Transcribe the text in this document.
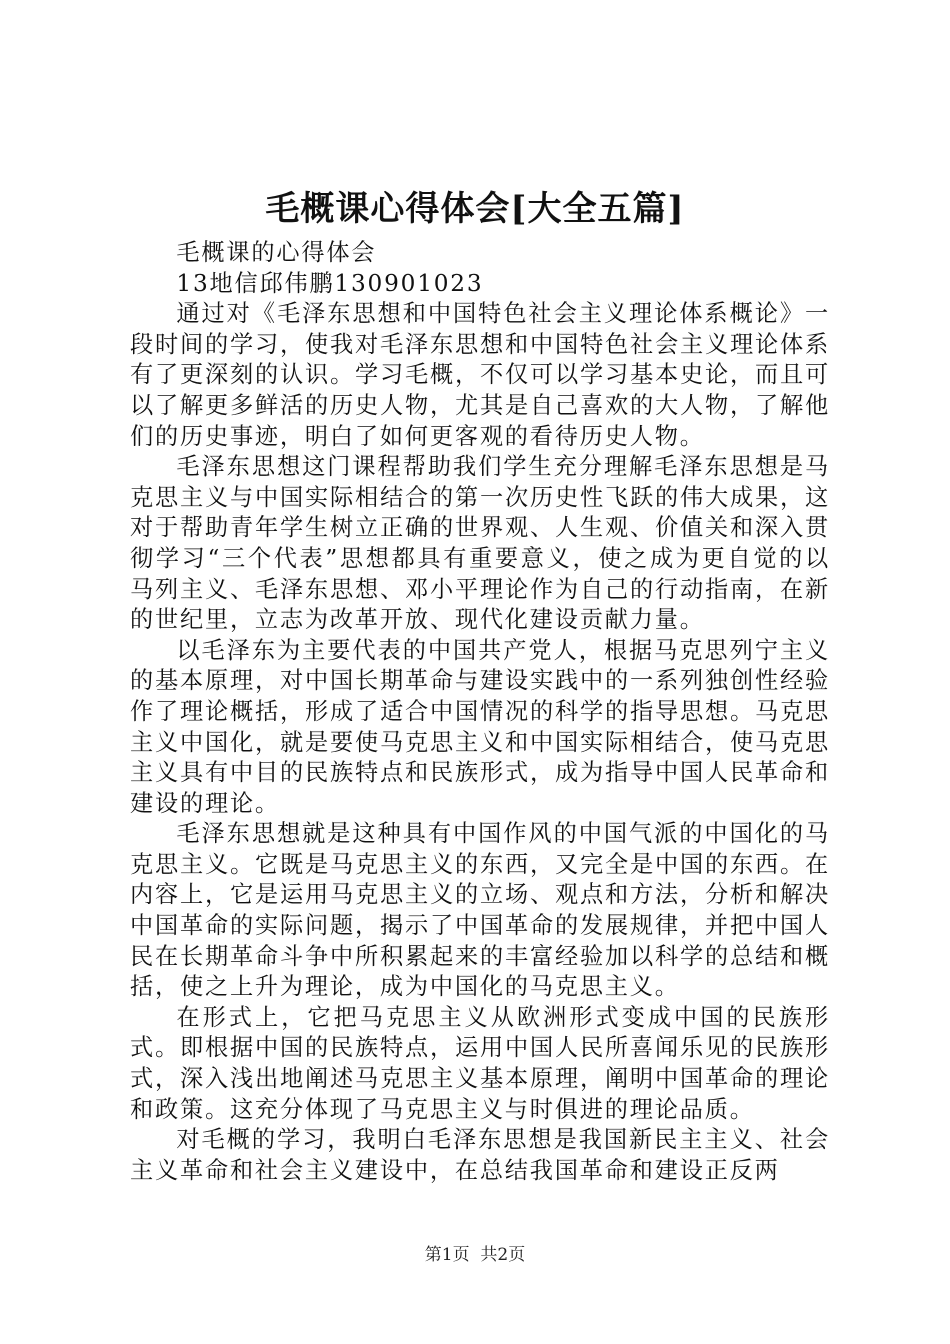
毛概课心得体会[大全五篇]

毛概课的心得体会

13地信邱伟鹏130901023

通过对《毛泽东思想和中国特色社会主义理论体系概论》一段时间的学习，使我对毛泽东思想和中国特色社会主义理论体系有了更深刻的认识。学习毛概，不仅可以学习基本史论，而且可以了解更多鲜活的历史人物，尤其是自己喜欢的大人物，了解他们的历史事迹，明白了如何更客观的看待历史人物。

毛泽东思想这门课程帮助我们学生充分理解毛泽东思想是马克思主义与中国实际相结合的第一次历史性飞跃的伟大成果，这对于帮助青年学生树立正确的世界观、人生观、价值关和深入贯彻学习“三个代表”思想都具有重要意义，使之成为更自觉的以马列主义、毛泽东思想、邓小平理论作为自己的行动指南，在新的世纪里，立志为改革开放、现代化建设贡献力量。

以毛泽东为主要代表的中国共产党人，根据马克思列宁主义的基本原理，对中国长期革命与建设实践中的一系列独创性经验作了理论概括，形成了适合中国情况的科学的指导思想。马克思主义中国化，就是要使马克思主义和中国实际相结合，使马克思主义具有中目的民族特点和民族形式，成为指导中国人民革命和建设的理论。

毛泽东思想就是这种具有中国作风的中国气派的中国化的马克思主义。它既是马克思主义的东西，又完全是中国的东西。在内容上，它是运用马克思主义的立场、观点和方法，分析和解决中国革命的实际问题，揭示了中国革命的发展规律，并把中国人民在长期革命斗争中所积累起来的丰富经验加以科学的总结和概括，使之上升为理论，成为中国化的马克思主义。

在形式上，它把马克思主义从欧洲形式变成中国的民族形式。即根据中国的民族特点，运用中国人民所喜闻乐见的民族形式，深入浅出地阐述马克思主义基本原理，阐明中国革命的理论和政策。这充分体现了马克思主义与时俱进的理论品质。

对毛概的学习，我明白毛泽东思想是我国新民主主义、社会主义革命和社会主义建设中，在总结我国革命和建设正反两

第1页 共2页
